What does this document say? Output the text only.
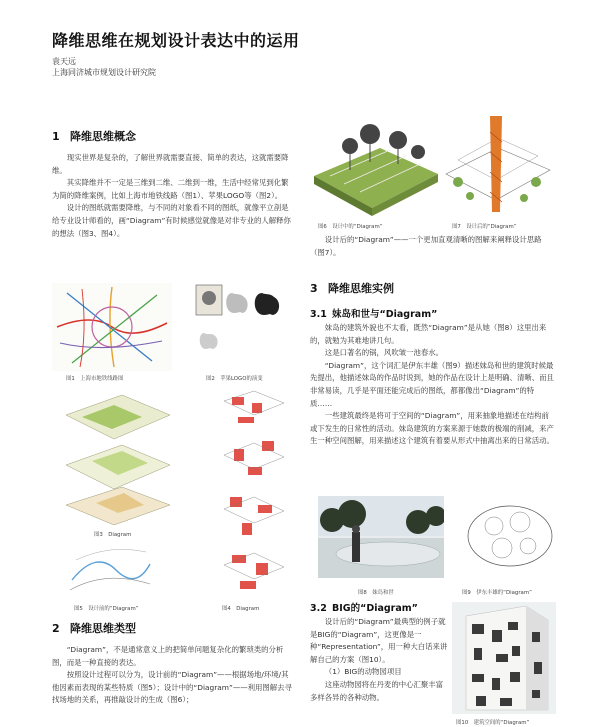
降维思维在规划设计表达中的运用
袁天远
上海同济城市规划设计研究院
1 降维思维概念

现实世界是复杂的，了解世界就需要直接、简单的表达，这就需要降维。

其实降维并不一定是三维到二维、二维到一维，生活中经常见到化繁为简的降维案例，比如上海市地铁线路（图1）、苹果LOGO等（图2）。

设计的图纸就需要降维，与不同的对象看不同的图纸，就像平立剖是给专业设计师看的，画“Diagram”有时候感觉就像是对非专业的人解释你的想法（图3、图4）。

图1　上海市地铁线路图	图2　苹果LOGO的演变
图3　Diagram
图5　设计前的“Diagram”	图4　Diagram
2 降维思维类型

“Diagram”，不是通常意义上的把简单问题复杂化的繁琐类的分析图，而是一种直接的表达。

按照设计过程可以分为，设计前的“Diagram”——根据场地/环境/其他因素而表现的某些特质（图5）；设计中的“Diagram”——利用图解去寻找场地的关系，再推敲设计的生成（图6）；

图6　设计中的“Diagram”	图7　设计后的“Diagram”

设计后的“Diagram”——一个更加直观清晰的图解来阐释设计思路（图7）。

3 降维思维实例
3.1 妹岛和世与“Diagram”

妹岛的建筑外貌也不太看，既然“Diagram”是从她（图8）这里出来的，就勉为其难地讲几句。

这是口著名的锅，风吹皱一池春水。

“Diagram”，这个词汇是伊东丰雄（图9）描述妹岛和世的建筑时候最先提出，他描述妹岛的作品时说到，她的作品在设计上是明确、清晰、而且非常易读，几乎是平面还能完成后的图纸，都都像出“Diagram”的特质……

一些建筑最终是将可于空间的“Diagram”，用来抽象地描述在结构前或下发生的日常性的活动。妹岛建筑的方案来源于她数的极端的削减，来产生一种空间图解，用来描述这个建筑有着要从形式中抽离出来的日常活动。

图8　妹岛和世	图9　伊东丰雄的“Diagram”
3.2 BIG的“Diagram”

设计后的“Diagram”最典型的例子就是BIG的“Diagram”，这更像是一种“Representation”，用一种大白话来讲解自己的方案（图10）。

（1）BIG的动物园项目

这座动物园将在丹麦的中心汇聚丰富多样各异的各种动物。

图10　建筑空间的“Diagram”
